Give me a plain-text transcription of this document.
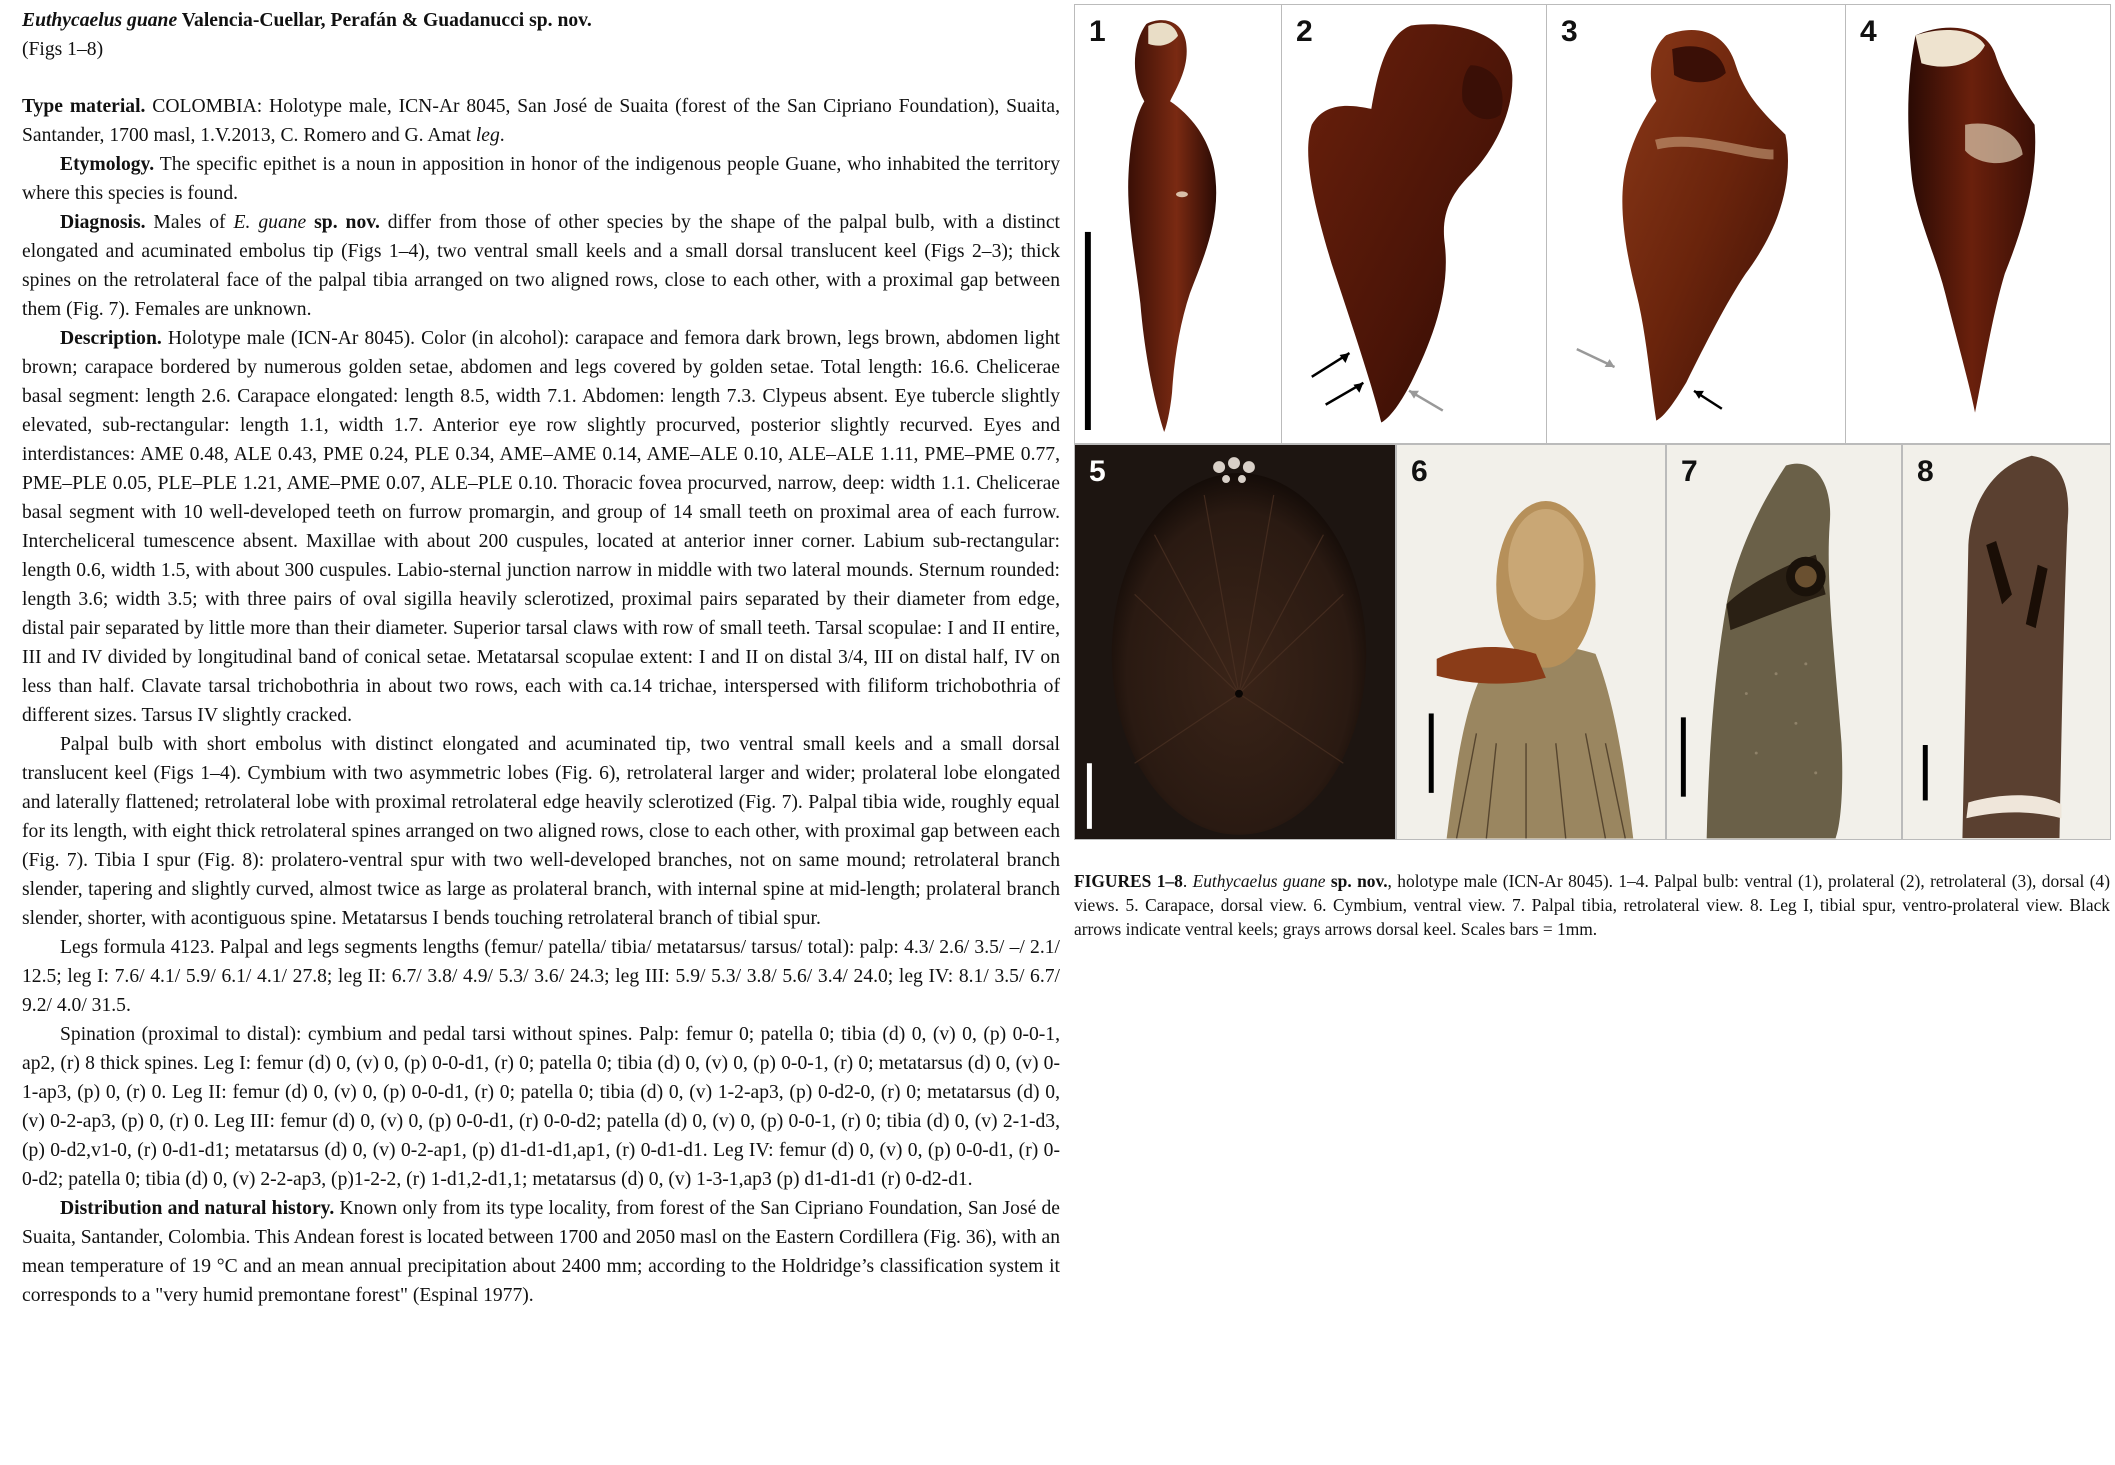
Euthycaelus guane Valencia-Cuellar, Perafán & Guadanucci sp. nov.

(Figs 1–8)

Type material. COLOMBIA: Holotype male, ICN-Ar 8045, San José de Suaita (forest of the San Cipriano Foundation), Suaita, Santander, 1700 masl, 1.V.2013, C. Romero and G. Amat leg.

Etymology. The specific epithet is a noun in apposition in honor of the indigenous people Guane, who inhabited the territory where this species is found.

Diagnosis. Males of E. guane sp. nov. differ from those of other species by the shape of the palpal bulb, with a distinct elongated and acuminated embolus tip (Figs 1–4), two ventral small keels and a small dorsal translucent keel (Figs 2–3); thick spines on the retrolateral face of the palpal tibia arranged on two aligned rows, close to each other, with a proximal gap between them (Fig. 7). Females are unknown.

Description. Holotype male (ICN-Ar 8045). Color (in alcohol): carapace and femora dark brown, legs brown, abdomen light brown; carapace bordered by numerous golden setae, abdomen and legs covered by golden setae. Total length: 16.6. Chelicerae basal segment: length 2.6. Carapace elongated: length 8.5, width 7.1. Abdomen: length 7.3. Clypeus absent. Eye tubercle slightly elevated, sub-rectangular: length 1.1, width 1.7. Anterior eye row slightly procurved, posterior slightly recurved. Eyes and interdistances: AME 0.48, ALE 0.43, PME 0.24, PLE 0.34, AME–AME 0.14, AME–ALE 0.10, ALE–ALE 1.11, PME–PME 0.77, PME–PLE 0.05, PLE–PLE 1.21, AME–PME 0.07, ALE–PLE 0.10. Thoracic fovea procurved, narrow, deep: width 1.1. Chelicerae basal segment with 10 well-developed teeth on furrow promargin, and group of 14 small teeth on proximal area of each furrow. Intercheliceral tumescence absent. Maxillae with about 200 cuspules, located at anterior inner corner. Labium sub-rectangular: length 0.6, width 1.5, with about 300 cuspules. Labio-sternal junction narrow in middle with two lateral mounds. Sternum rounded: length 3.6; width 3.5; with three pairs of oval sigilla heavily sclerotized, proximal pairs separated by their diameter from edge, distal pair separated by little more than their diameter. Superior tarsal claws with row of small teeth. Tarsal scopulae: I and II entire, III and IV divided by longitudinal band of conical setae. Metatarsal scopulae extent: I and II on distal 3/4, III on distal half, IV on less than half. Clavate tarsal trichobothria in about two rows, each with ca.14 trichae, interspersed with filiform trichobothria of different sizes. Tarsus IV slightly cracked.

Palpal bulb with short embolus with distinct elongated and acuminated tip, two ventral small keels and a small dorsal translucent keel (Figs 1–4). Cymbium with two asymmetric lobes (Fig. 6), retrolateral larger and wider; prolateral lobe elongated and laterally flattened; retrolateral lobe with proximal retrolateral edge heavily sclerotized (Fig. 7). Palpal tibia wide, roughly equal for its length, with eight thick retrolateral spines arranged on two aligned rows, close to each other, with proximal gap between each (Fig. 7). Tibia I spur (Fig. 8): prolatero-ventral spur with two well-developed branches, not on same mound; retrolateral branch slender, tapering and slightly curved, almost twice as large as prolateral branch, with internal spine at mid-length; prolateral branch slender, shorter, with acontiguous spine. Metatarsus I bends touching retrolateral branch of tibial spur.

Legs formula 4123. Palpal and legs segments lengths (femur/ patella/ tibia/ metatarsus/ tarsus/ total): palp: 4.3/ 2.6/ 3.5/ –/ 2.1/ 12.5; leg I: 7.6/ 4.1/ 5.9/ 6.1/ 4.1/ 27.8; leg II: 6.7/ 3.8/ 4.9/ 5.3/ 3.6/ 24.3; leg III: 5.9/ 5.3/ 3.8/ 5.6/ 3.4/ 24.0; leg IV: 8.1/ 3.5/ 6.7/ 9.2/ 4.0/ 31.5.

Spination (proximal to distal): cymbium and pedal tarsi without spines. Palp: femur 0; patella 0; tibia (d) 0, (v) 0, (p) 0-0-1, ap2, (r) 8 thick spines. Leg I: femur (d) 0, (v) 0, (p) 0-0-d1, (r) 0; patella 0; tibia (d) 0, (v) 0, (p) 0-0-1, (r) 0; metatarsus (d) 0, (v) 0-1-ap3, (p) 0, (r) 0. Leg II: femur (d) 0, (v) 0, (p) 0-0-d1, (r) 0; patella 0; tibia (d) 0, (v) 1-2-ap3, (p) 0-d2-0, (r) 0; metatarsus (d) 0, (v) 0-2-ap3, (p) 0, (r) 0. Leg III: femur (d) 0, (v) 0, (p) 0-0-d1, (r) 0-0-d2; patella (d) 0, (v) 0, (p) 0-0-1, (r) 0; tibia (d) 0, (v) 2-1-d3, (p) 0-d2,v1-0, (r) 0-d1-d1; metatarsus (d) 0, (v) 0-2-ap1, (p) d1-d1-d1,ap1, (r) 0-d1-d1. Leg IV: femur (d) 0, (v) 0, (p) 0-0-d1, (r) 0-0-d2; patella 0; tibia (d) 0, (v) 2-2-ap3, (p)1-2-2, (r) 1-d1,2-d1,1; metatarsus (d) 0, (v) 1-3-1,ap3 (p) d1-d1-d1 (r) 0-d2-d1.

Distribution and natural history. Known only from its type locality, from forest of the San Cipriano Foundation, San José de Suaita, Santander, Colombia. This Andean forest is located between 1700 and 2050 masl on the Eastern Cordillera (Fig. 36), with an mean temperature of 19 °C and an mean annual precipitation about 2400 mm; according to the Holdridge’s classification system it corresponds to a "very humid premontane forest" (Espinal 1977).

1	2	3	4
5	6	7	8

FIGURES 1–8. Euthycaelus guane sp. nov., holotype male (ICN-Ar 8045). 1–4. Palpal bulb: ventral (1), prolateral (2), retrolateral (3), dorsal (4) views. 5. Carapace, dorsal view. 6. Cymbium, ventral view. 7. Palpal tibia, retrolateral view. 8. Leg I, tibial spur, ventro-prolateral view. Black arrows indicate ventral keels; grays arrows dorsal keel. Scales bars = 1mm.
